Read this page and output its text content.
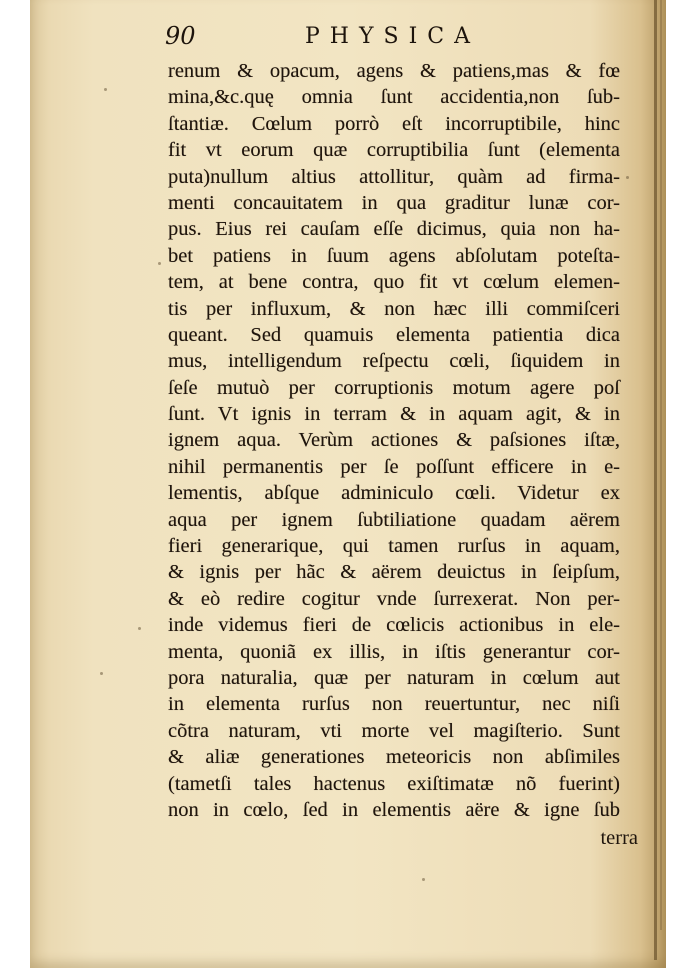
90	PHYSICA
renum & opacum, agens & patiens,mas & fœ
mina,&c.quę omnia ſunt accidentia,non ſub-
ſtantiæ. Cœlum porrò eſt incorruptibile, hinc
fit vt eorum quæ corruptibilia ſunt (elementa
puta)nullum altius attollitur, quàm ad firma-
menti concauitatem in qua graditur lunæ cor-
pus. Eius rei cauſam eſſe dicimus, quia non ha-
bet patiens in ſuum agens abſolutam poteſta-
tem, at bene contra, quo fit vt cœlum elemen-
tis per influxum, & non hæc illi commiſceri
queant. Sed quamuis elementa patientia dica
mus, intelligendum reſpectu cœli, ſiquidem in
ſeſe mutuò per corruptionis motum agere poſ
ſunt. Vt ignis in terram & in aquam agit, & in
ignem aqua. Verùm actiones & paſsiones iſtæ,
nihil permanentis per ſe poſſunt efficere in e-
lementis, abſque adminiculo cœli. Videtur ex
aqua per ignem ſubtiliatione quadam aërem
fieri generarique, qui tamen rurſus in aquam,
& ignis per hãc & aërem deuictus in ſeipſum,
& eò redire cogitur vnde ſurrexerat. Non per-
inde videmus fieri de cœlicis actionibus in ele-
menta, quoniã ex illis, in iſtis generantur cor-
pora naturalia, quæ per naturam in cœlum aut
in elementa rurſus non reuertuntur, nec niſi
cõtra naturam, vti morte vel magiſterio. Sunt
& aliæ generationes meteoricis non abſimiles
(tametſi tales hactenus exiſtimatæ nõ fuerint)
non in cœlo, ſed in elementis aëre & igne ſub
terra
